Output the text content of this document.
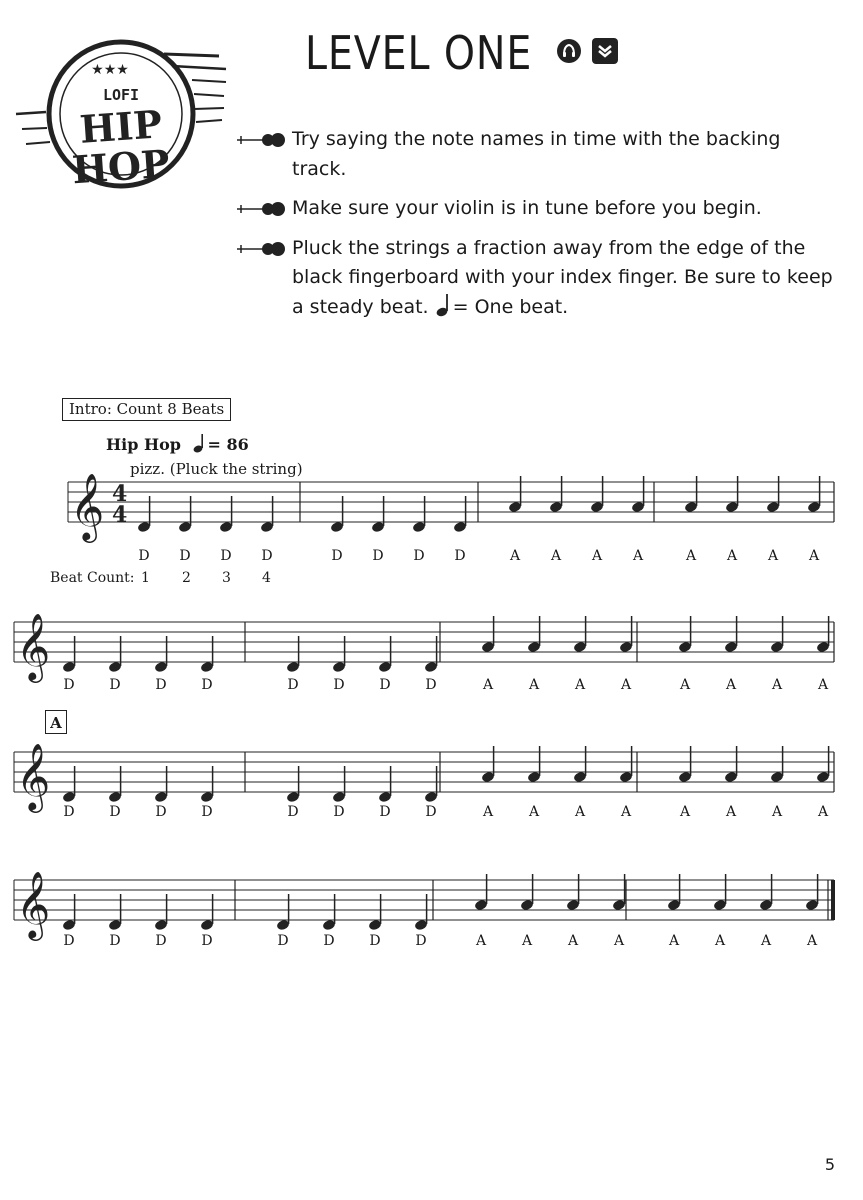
★★★
LOFI
HIP
HOP
LEVEL ONE
Try saying the note names in time with the backing track.
Make sure your violin is in tune before you begin.
Pluck the strings a fraction away from the edge of the black fingerboard with your index finger. Be sure to keep a steady beat. = One beat.
Intro: Count 8 Beats
Hip Hop = 86
pizz. (Pluck the string)
A
Beat Count: 1 2 3 4
𝄞 4
4
𝄞
𝄞
𝄞
D	D	D	D	D	D	D	D	A	A	A	A	A	A	A	A
D	D	D	D	D	D	D	D	A	A	A	A	A	A	A	A
D	D	D	D	D	D	D	D	A	A	A	A	A	A	A	A
D	D	D	D	D	D	D	D	A	A	A	A	A	A	A	A
5
